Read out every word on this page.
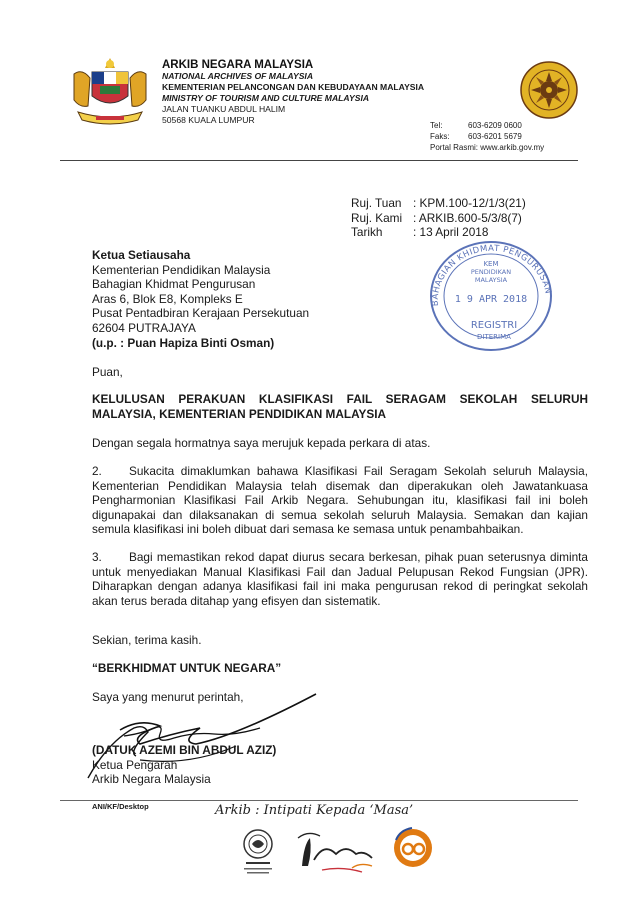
ARKIB NEGARA MALAYSIA
NATIONAL ARCHIVES OF MALAYSIA
KEMENTERIAN PELANCONGAN DAN KEBUDAYAAN MALAYSIA
MINISTRY OF TOURISM AND CULTURE MALAYSIA
JALAN TUANKU ABDUL HALIM
50568 KUALA LUMPUR
Tel:	603-6209 0600
Faks:	603-6201 5679
Portal Rasmi:
www.arkib.gov.my
Ruj. Tuan : KPM.100-12/1/3(21)
Ruj. Kami : ARKIB.600-5/3/8(7)
Tarikh	: 13 April 2018
Ketua Setiausaha
Kementerian Pendidikan Malaysia
Bahagian Khidmat Pengurusan
Aras 6, Blok E8, Kompleks E
Pusat Pentadbiran Kerajaan Persekutuan
62604 PUTRAJAYA
(u.p. : Puan Hapiza Binti Osman)
BAHAGIAN KHIDMAT PENGURUSAN
KEM
PENDIDIKAN
MALAYSIA
1 9 APR 2018
REGISTRI
DITERIMA
Puan,
KELULUSAN PERAKUAN KLASIFIKASI FAIL SERAGAM SEKOLAH SELURUH MALAYSIA, KEMENTERIAN PENDIDIKAN MALAYSIA
Dengan segala hormatnya saya merujuk kepada perkara di atas.
2. Sukacita dimaklumkan bahawa Klasifikasi Fail Seragam Sekolah seluruh Malaysia, Kementerian Pendidikan Malaysia telah disemak dan diperakukan oleh Jawatankuasa Pengharmonian Klasifikasi Fail Arkib Negara. Sehubungan itu, klasifikasi fail ini boleh digunapakai dan dilaksanakan di semua sekolah seluruh Malaysia. Semakan dan kajian semula klasifikasi ini boleh dibuat dari semasa ke semasa untuk penambahbaikan.
3. Bagi memastikan rekod dapat diurus secara berkesan, pihak puan seterusnya diminta untuk menyediakan Manual Klasifikasi Fail dan Jadual Pelupusan Rekod Fungsian (JPR). Diharapkan dengan adanya klasifikasi fail ini maka pengurusan rekod di peringkat sekolah akan terus berada ditahap yang efisyen dan sistematik.
Sekian, terima kasih.
“BERKHIDMAT UNTUK NEGARA”
Saya yang menurut perintah,
(DATUK AZEMI BIN ABDUL AZIZ)
Ketua Pengarah
Arkib Negara Malaysia
ANI/KF/Desktop	Arkib : Intipati Kepada ‘Masa’
